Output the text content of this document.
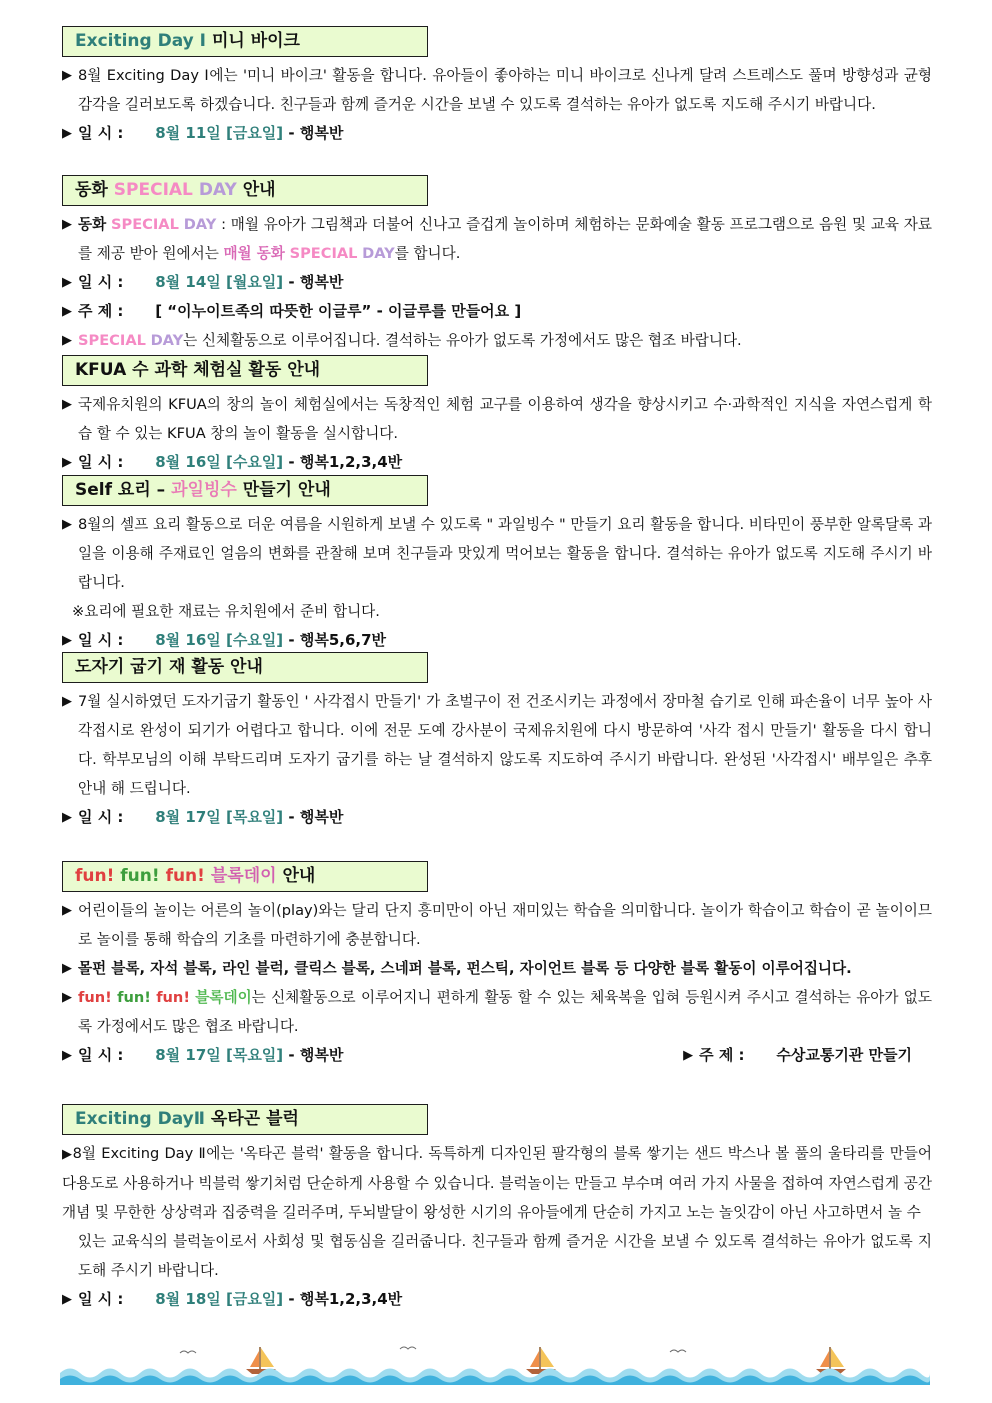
Exciting Day Ⅰ 미니 바이크
▶ 8월 Exciting Day Ⅰ에는 '미니 바이크' 활동을 합니다. 유아들이 좋아하는 미니 바이크로 신나게 달려 스트레스도 풀며 방향성과 균형감각을 길러보도록 하겠습니다. 친구들과 함께 즐거운 시간을 보낼 수 있도록 결석하는 유아가 없도록 지도해 주시기 바랍니다.
▶ 일 시 : 8월 11일 [금요일] - 행복반
동화 SPECIAL DAY 안내
▶ 동화 SPECIAL DAY : 매월 유아가 그림책과 더불어 신나고 즐겁게 놀이하며 체험하는 문화예술 활동 프로그램으로 음원 및 교육 자료를 제공 받아 원에서는 매월 동화 SPECIAL DAY를 합니다.
▶ 일 시 : 8월 14일 [월요일] - 행복반
▶ 주 제 : [ “이누이트족의 따뜻한 이글루” - 이글루를 만들어요 ]
▶ SPECIAL DAY는 신체활동으로 이루어집니다. 결석하는 유아가 없도록 가정에서도 많은 협조 바랍니다.
KFUA 수 과학 체험실 활동 안내
▶ 국제유치원의 KFUA의 창의 놀이 체험실에서는 독창적인 체험 교구를 이용하여 생각을 향상시키고 수·과학적인 지식을 자연스럽게 학습 할 수 있는 KFUA 창의 놀이 활동을 실시합니다.
▶ 일 시 : 8월 16일 [수요일] - 행복1,2,3,4반
Self 요리 – 과일빙수 만들기 안내
▶ 8월의 셀프 요리 활동으로 더운 여름을 시원하게 보낼 수 있도록 " 과일빙수 " 만들기 요리 활동을 합니다. 비타민이 풍부한 알록달록 과일을 이용해 주재료인 얼음의 변화를 관찰해 보며 친구들과 맛있게 먹어보는 활동을 합니다. 결석하는 유아가 없도록 지도해 주시기 바랍니다.
※요리에 필요한 재료는 유치원에서 준비 합니다.
▶ 일 시 : 8월 16일 [수요일] - 행복5,6,7반
도자기 굽기 재 활동 안내
▶ 7월 실시하였던 도자기굽기 활동인 ' 사각접시 만들기' 가 초벌구이 전 건조시키는 과정에서 장마철 습기로 인해 파손율이 너무 높아 사각접시로 완성이 되기가 어렵다고 합니다. 이에 전문 도예 강사분이 국제유치원에 다시 방문하여 '사각 접시 만들기' 활동을 다시 합니다. 학부모님의 이해 부탁드리며 도자기 굽기를 하는 날 결석하지 않도록 지도하여 주시기 바랍니다. 완성된 '사각접시' 배부일은 추후 안내 해 드립니다.
▶ 일 시 : 8월 17일 [목요일] - 행복반
fun! fun! fun! 블록데이 안내
▶ 어린이들의 놀이는 어른의 놀이(play)와는 달리 단지 흥미만이 아닌 재미있는 학습을 의미합니다. 놀이가 학습이고 학습이 곧 놀이이므로 놀이를 통해 학습의 기초를 마련하기에 충분합니다.
▶ 몰펀 블록, 자석 블록, 라인 블럭, 클릭스 블록, 스네퍼 블록, 펀스틱, 자이언트 블록 등 다양한 블록 활동이 이루어집니다.
▶ fun! fun! fun! 블록데이는 신체활동으로 이루어지니 편하게 활동 할 수 있는 체육복을 입혀 등원시켜 주시고 결석하는 유아가 없도록 가정에서도 많은 협조 바랍니다.
▶ 일 시 : 8월 17일 [목요일] - 행복반	▶ 주 제 : 수상교통기관 만들기
Exciting DayⅡ 옥타곤 블럭
▶8월 Exciting Day Ⅱ에는 '옥타곤 블럭' 활동을 합니다. 독특하게 디자인된 팔각형의 블록 쌓기는 샌드 박스나 볼 풀의 울타리를 만들어 다용도로 사용하거나 빅블럭 쌓기처럼 단순하게 사용할 수 있습니다. 블럭놀이는 만들고 부수며 여러 가지 사물을 접하여 자연스럽게 공간개념 및 무한한 상상력과 집중력을 길러주며, 두뇌발달이 왕성한 시기의 유아들에게 단순히 가지고 노는 놀잇감이 아닌 사고하면서 놀 수
있는 교육식의 블럭놀이로서 사회성 및 협동심을 길러줍니다. 친구들과 함께 즐거운 시간을 보낼 수 있도록 결석하는 유아가 없도록 지도해 주시기 바랍니다.
▶ 일 시 : 8월 18일 [금요일] - 행복1,2,3,4반
